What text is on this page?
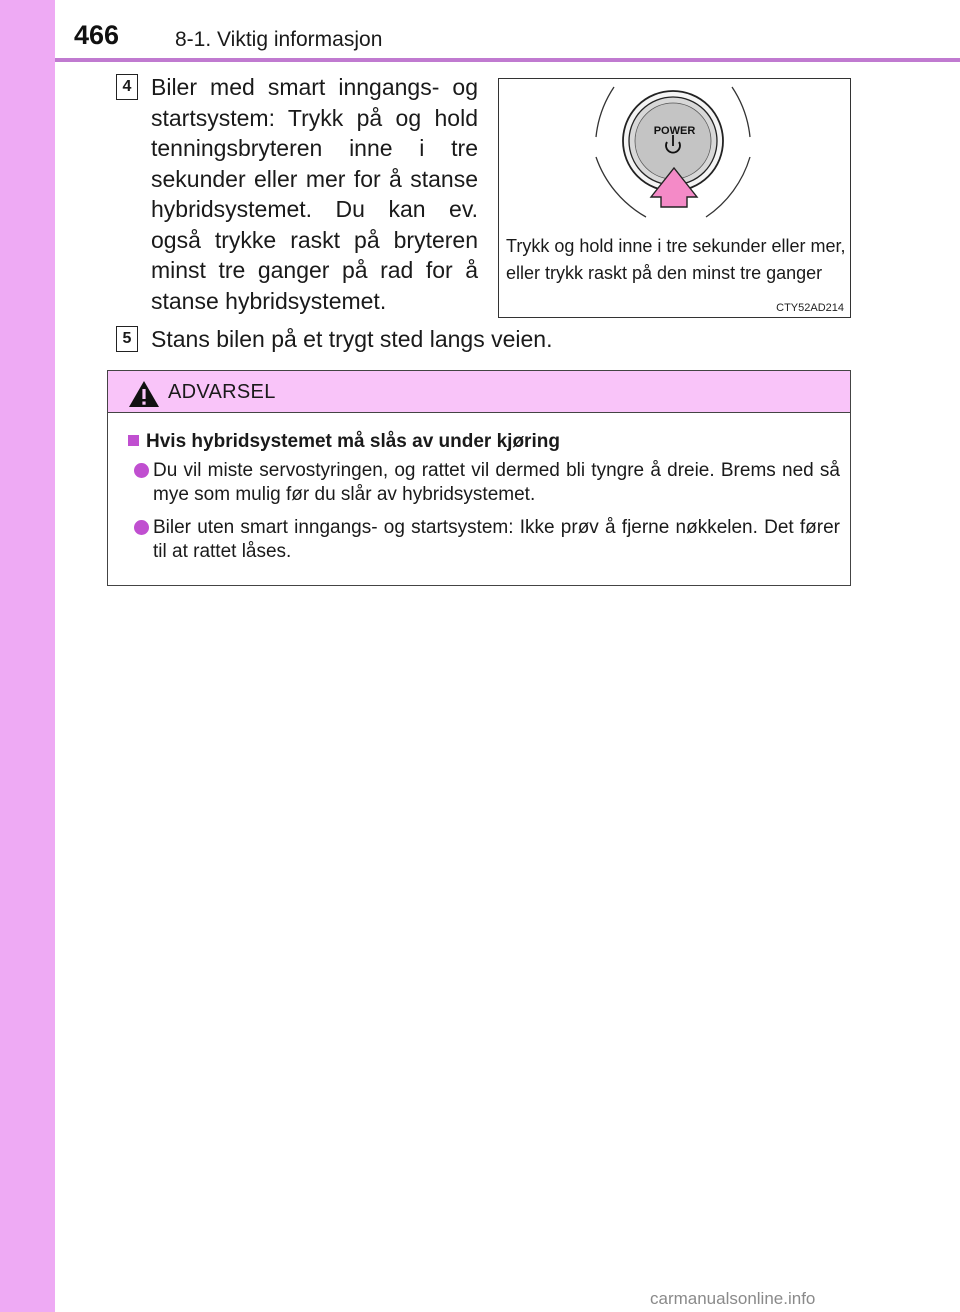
466	8-1. Viktig informasjon
4 Biler med smart inngangs- og startsystem: Trykk på og hold tenningsbryteren inne i tre sekunder eller mer for å stanse hybridsystemet. Du kan ev. også trykke raskt på bryteren minst tre ganger på rad for å stanse hybridsystemet.
POWER
Trykk og hold inne i tre sekunder eller mer, eller trykk raskt på den minst tre ganger
CTY52AD214
5 Stans bilen på et trygt sted langs veien.
ADVARSEL
Hvis hybridsystemet må slås av under kjøring
Du vil miste servostyringen, og rattet vil dermed bli tyngre å dreie. Brems ned så mye som mulig før du slår av hybridsystemet.
Biler uten smart inngangs- og startsystem: Ikke prøv å fjerne nøkkelen. Det fører til at rattet låses.
carmanualsonline.info
